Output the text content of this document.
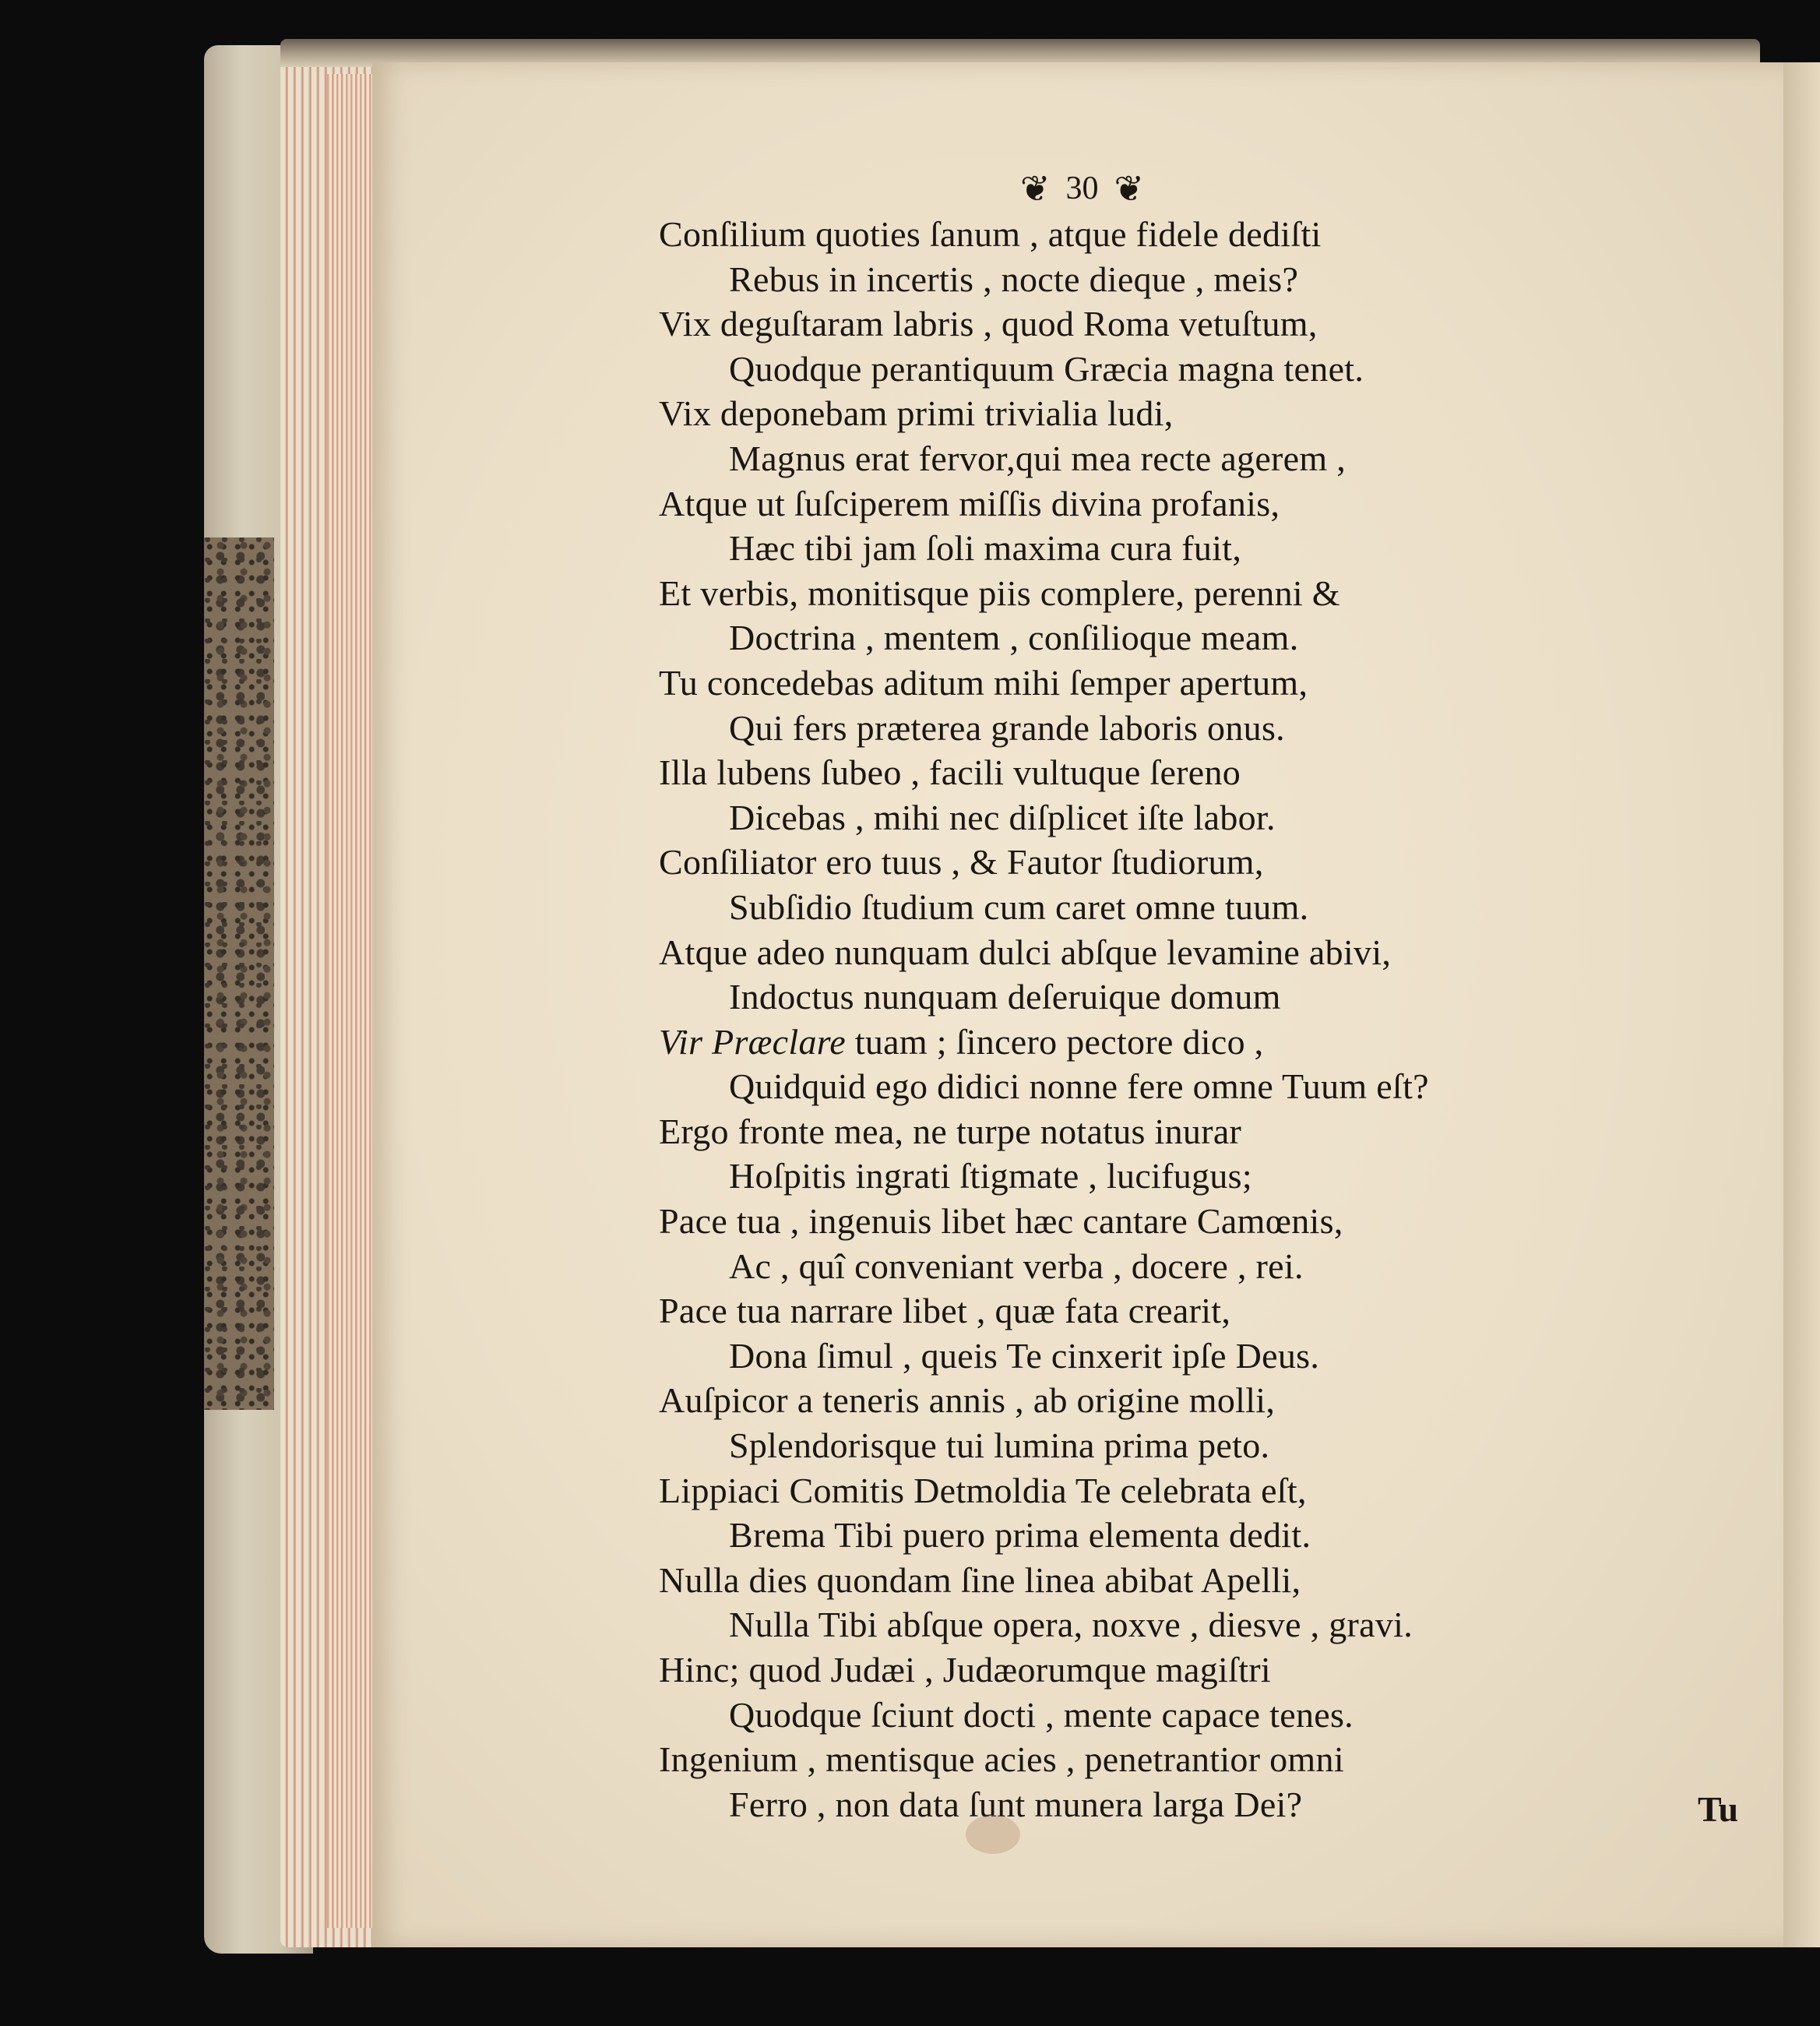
❦ 30 ❦
Conſilium quoties ſanum , atque fidele dediſti
Rebus in incertis , nocte dieque , meis?
Vix deguſtaram labris , quod Roma vetuſtum,
Quodque perantiquum Græcia magna tenet.
Vix deponebam primi trivialia ludi,
Magnus erat fervor,qui mea recte agerem ,
Atque ut ſuſciperem miſſis divina profanis,
Hæc tibi jam ſoli maxima cura fuit,
Et verbis, monitisque piis complere, perenni &
Doctrina , mentem , conſilioque meam.
Tu concedebas aditum mihi ſemper apertum,
Qui fers præterea grande laboris onus.
Illa lubens ſubeo , facili vultuque ſereno
Dicebas , mihi nec diſplicet iſte labor.
Conſiliator ero tuus , & Fautor ſtudiorum,
Subſidio ſtudium cum caret omne tuum.
Atque adeo nunquam dulci abſque levamine abivi,
Indoctus nunquam deſeruique domum
Vir Præclare tuam ; ſincero pectore dico ,
Quidquid ego didici nonne fere omne Tuum eſt?
Ergo fronte mea, ne turpe notatus inurar
Hoſpitis ingrati ſtigmate , lucifugus;
Pace tua , ingenuis libet hæc cantare Camœnis,
Ac , quî conveniant verba , docere , rei.
Pace tua narrare libet , quæ fata crearit,
Dona ſimul , queis Te cinxerit ipſe Deus.
Auſpicor a teneris annis , ab origine molli,
Splendorisque tui lumina prima peto.
Lippiaci Comitis Detmoldia Te celebrata eſt,
Brema Tibi puero prima elementa dedit.
Nulla dies quondam ſine linea abibat Apelli,
Nulla Tibi abſque opera, noxve , diesve , gravi.
Hinc; quod Judæi , Judæorumque magiſtri
Quodque ſciunt docti , mente capace tenes.
Ingenium , mentisque acies , penetrantior omni
Ferro , non data ſunt munera larga Dei?	Tu
